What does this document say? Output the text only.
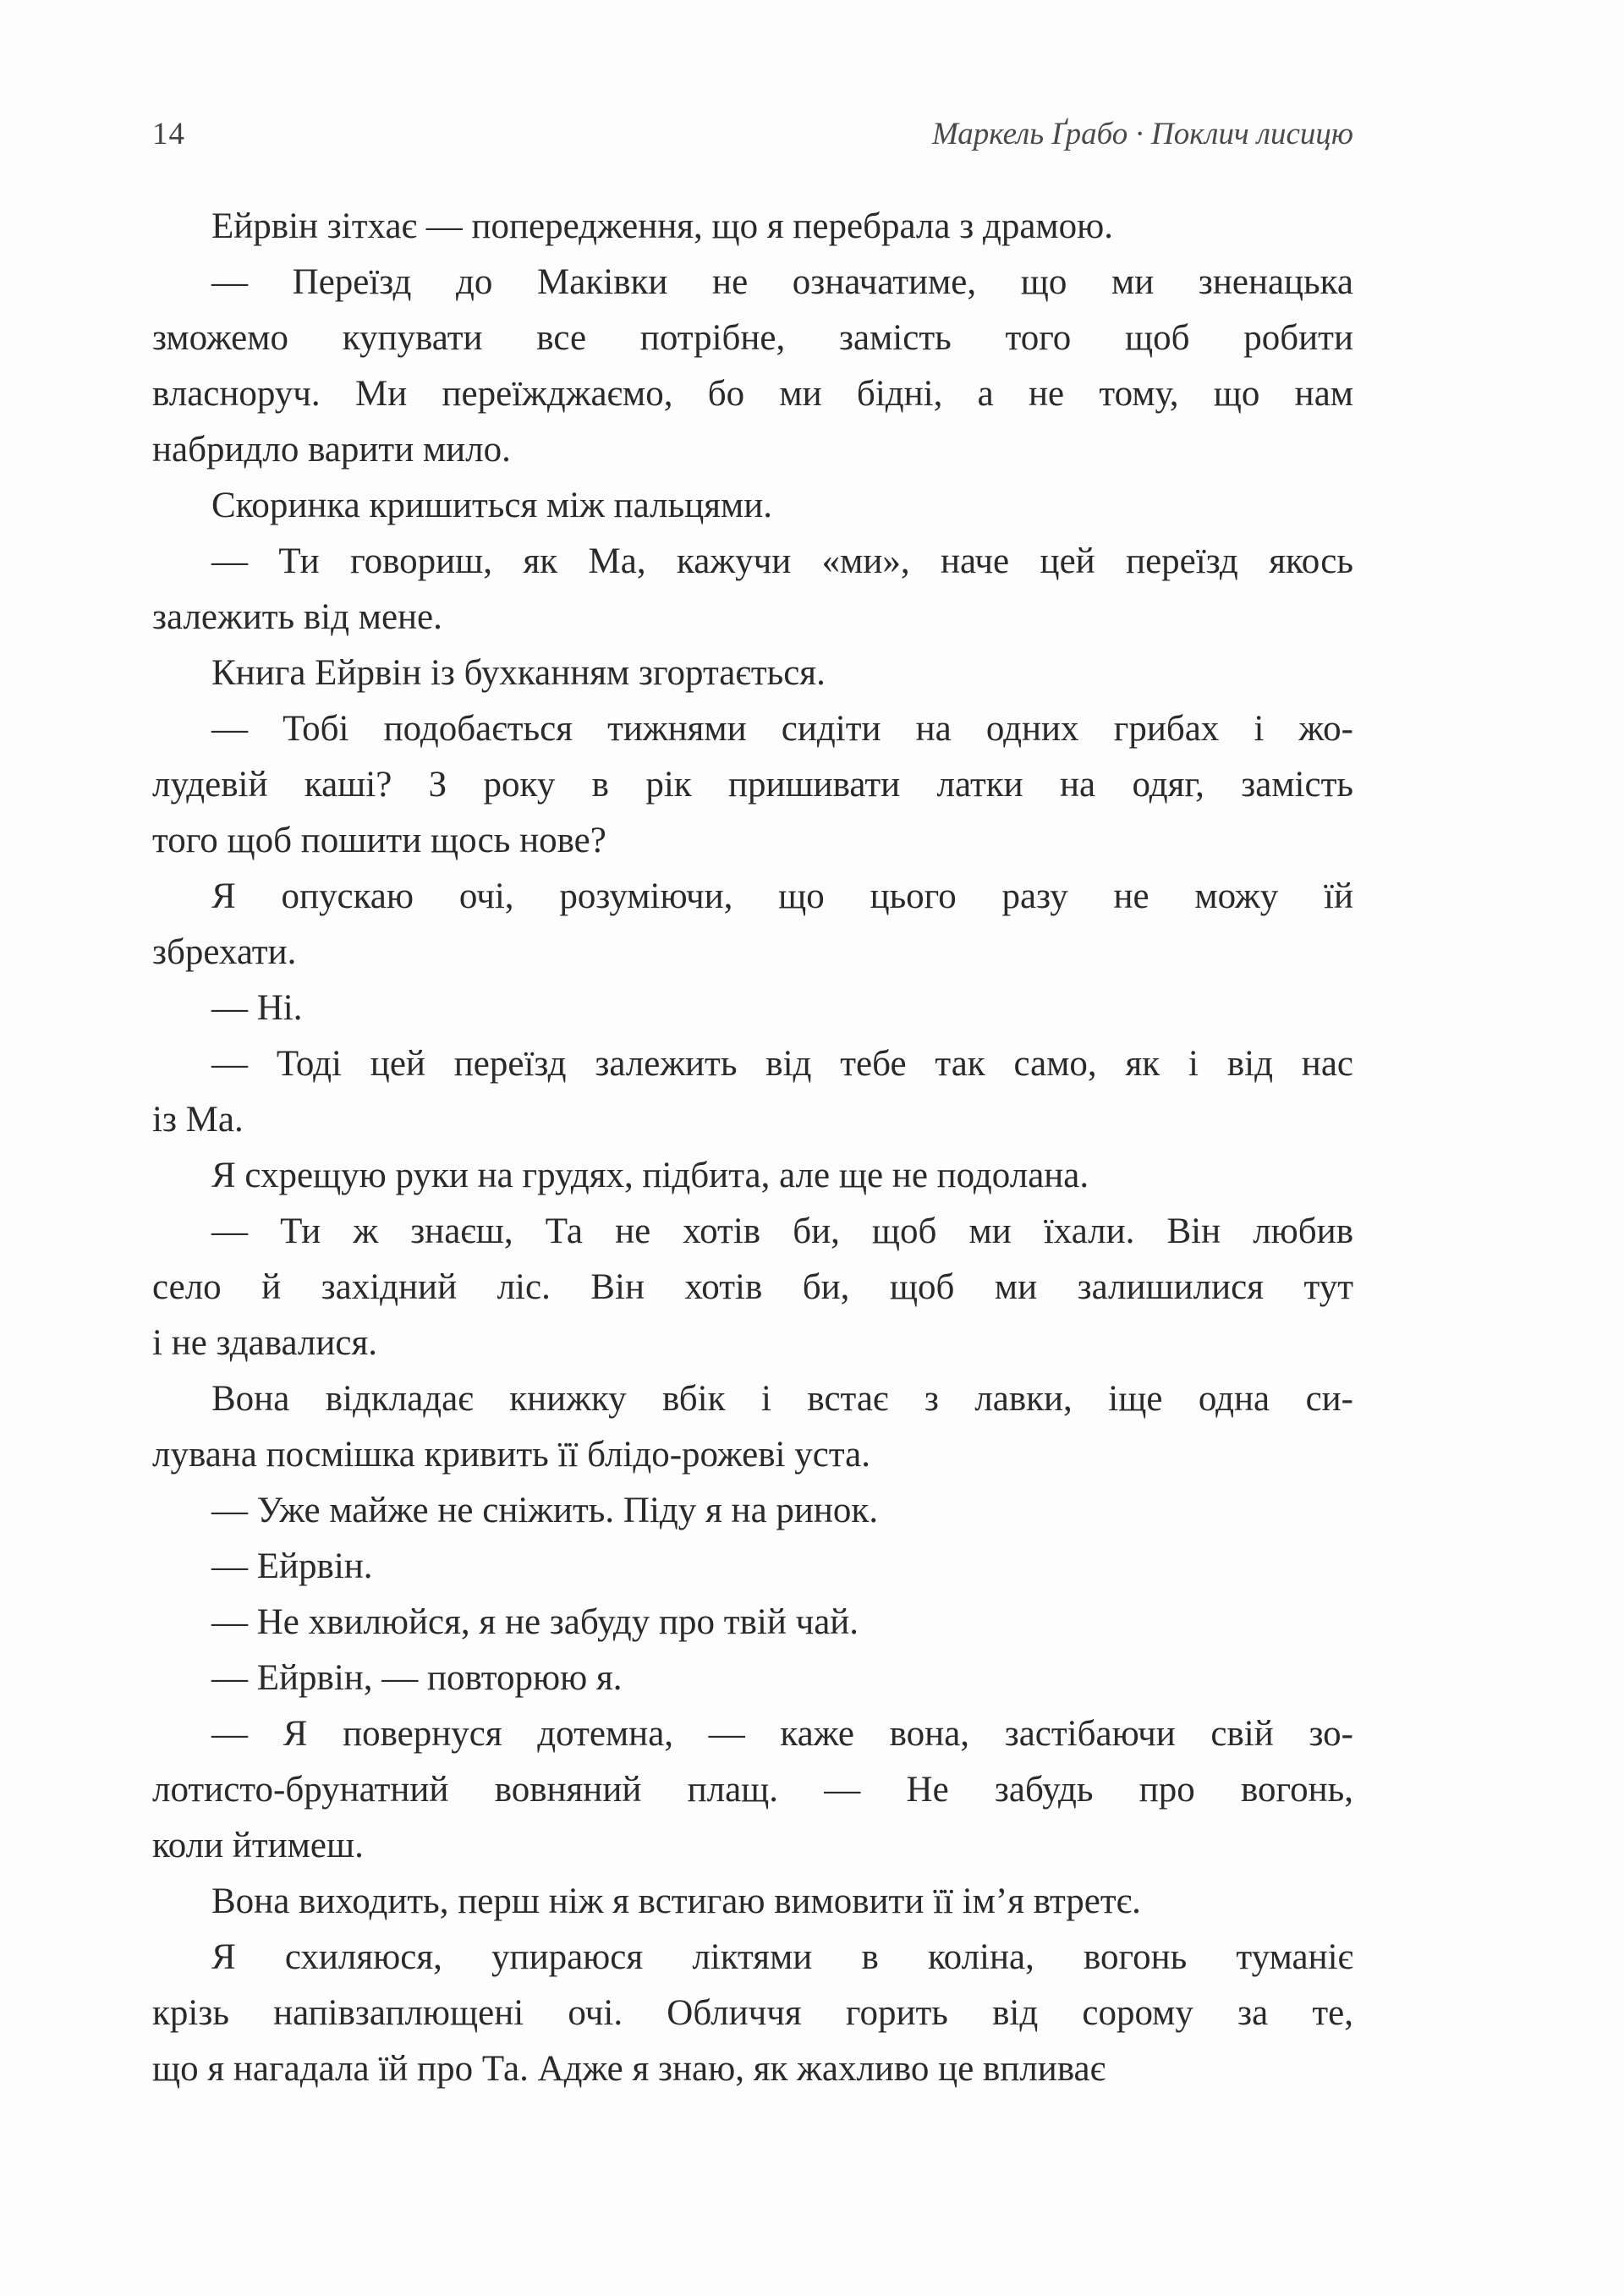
14	Маркель Ґрабо · Поклич лисицю
Ейрвін зітхає — попередження, що я перебрала з драмою.
— Переїзд до Маківки не означатиме, що ми зненацька
зможемо купувати все потрібне, замість того щоб робити
власноруч. Ми переїжджаємо, бо ми бідні, а не тому, що нам
набридло варити мило.
Скоринка кришиться між пальцями.
— Ти говориш, як Ма, кажучи «ми», наче цей переїзд якось
залежить від мене.
Книга Ейрвін із бухканням згортається.
— Тобі подобається тижнями сидіти на одних грибах і жо-
лудевій каші? З року в рік пришивати латки на одяг, замість
того щоб пошити щось нове?
Я опускаю очі, розуміючи, що цього разу не можу їй
збрехати.
— Ні.
— Тоді цей переїзд залежить від тебе так само, як і від нас
із Ма.
Я схрещую руки на грудях, підбита, але ще не подолана.
— Ти ж знаєш, Та не хотів би, щоб ми їхали. Він любив
село й західний ліс. Він хотів би, щоб ми залишилися тут
і не здавалися.
Вона відкладає книжку вбік і встає з лавки, іще одна си-
лувана посмішка кривить її блідо-рожеві уста.
— Уже майже не сніжить. Піду я на ринок.
— Ейрвін.
— Не хвилюйся, я не забуду про твій чай.
— Ейрвін, — повторюю я.
— Я повернуся дотемна, — каже вона, застібаючи свій зо-
лотисто-брунатний вовняний плащ. — Не забудь про вогонь,
коли йтимеш.
Вона виходить, перш ніж я встигаю вимовити її ім’я втретє.
Я схиляюся, упираюся ліктями в коліна, вогонь туманіє
крізь напівзаплющені очі. Обличчя горить від сорому за те,
що я нагадала їй про Та. Адже я знаю, як жахливо це впливає
